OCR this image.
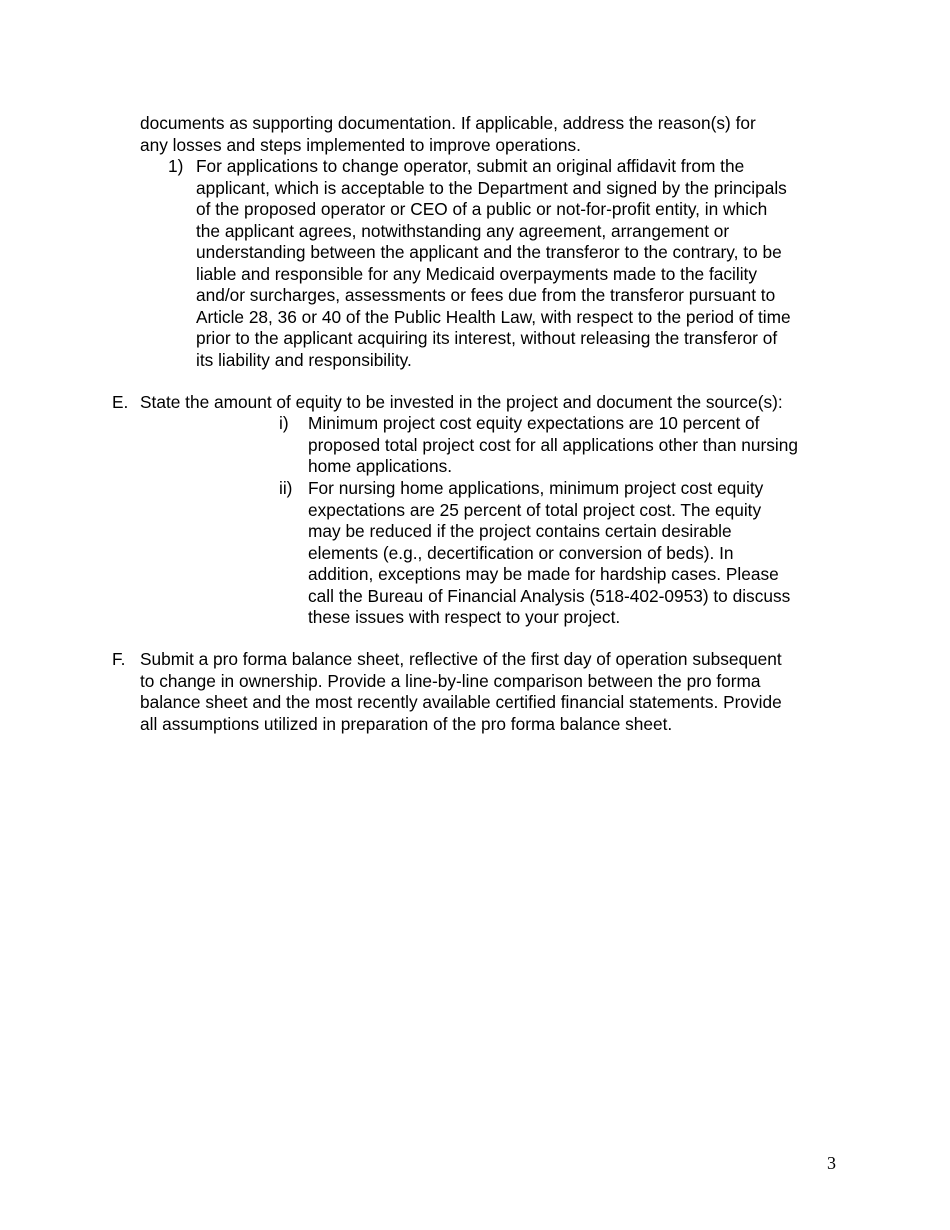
documents as supporting documentation. If applicable, address the reason(s) for
any losses and steps implemented to improve operations.
1) For applications to change operator, submit an original affidavit from the
applicant, which is acceptable to the Department and signed by the principals
of the proposed operator or CEO of a public or not-for-profit entity, in which
the applicant agrees, notwithstanding any agreement, arrangement or
understanding between the applicant and the transferor to the contrary, to be
liable and responsible for any Medicaid overpayments made to the facility
and/or surcharges, assessments or fees due from the transferor pursuant to
Article 28, 36 or 40 of the Public Health Law, with respect to the period of time
prior to the applicant acquiring its interest, without releasing the transferor of
its liability and responsibility.
E. State the amount of equity to be invested in the project and document the source(s):
i) Minimum project cost equity expectations are 10 percent of
proposed total project cost for all applications other than nursing
home applications.
ii) For nursing home applications, minimum project cost equity
expectations are 25 percent of total project cost. The equity
may be reduced if the project contains certain desirable
elements (e.g., decertification or conversion of beds). In
addition, exceptions may be made for hardship cases. Please
call the Bureau of Financial Analysis (518-402-0953) to discuss
these issues with respect to your project.
F. Submit a pro forma balance sheet, reflective of the first day of operation subsequent
to change in ownership. Provide a line-by-line comparison between the pro forma
balance sheet and the most recently available certified financial statements. Provide
all assumptions utilized in preparation of the pro forma balance sheet.
3
